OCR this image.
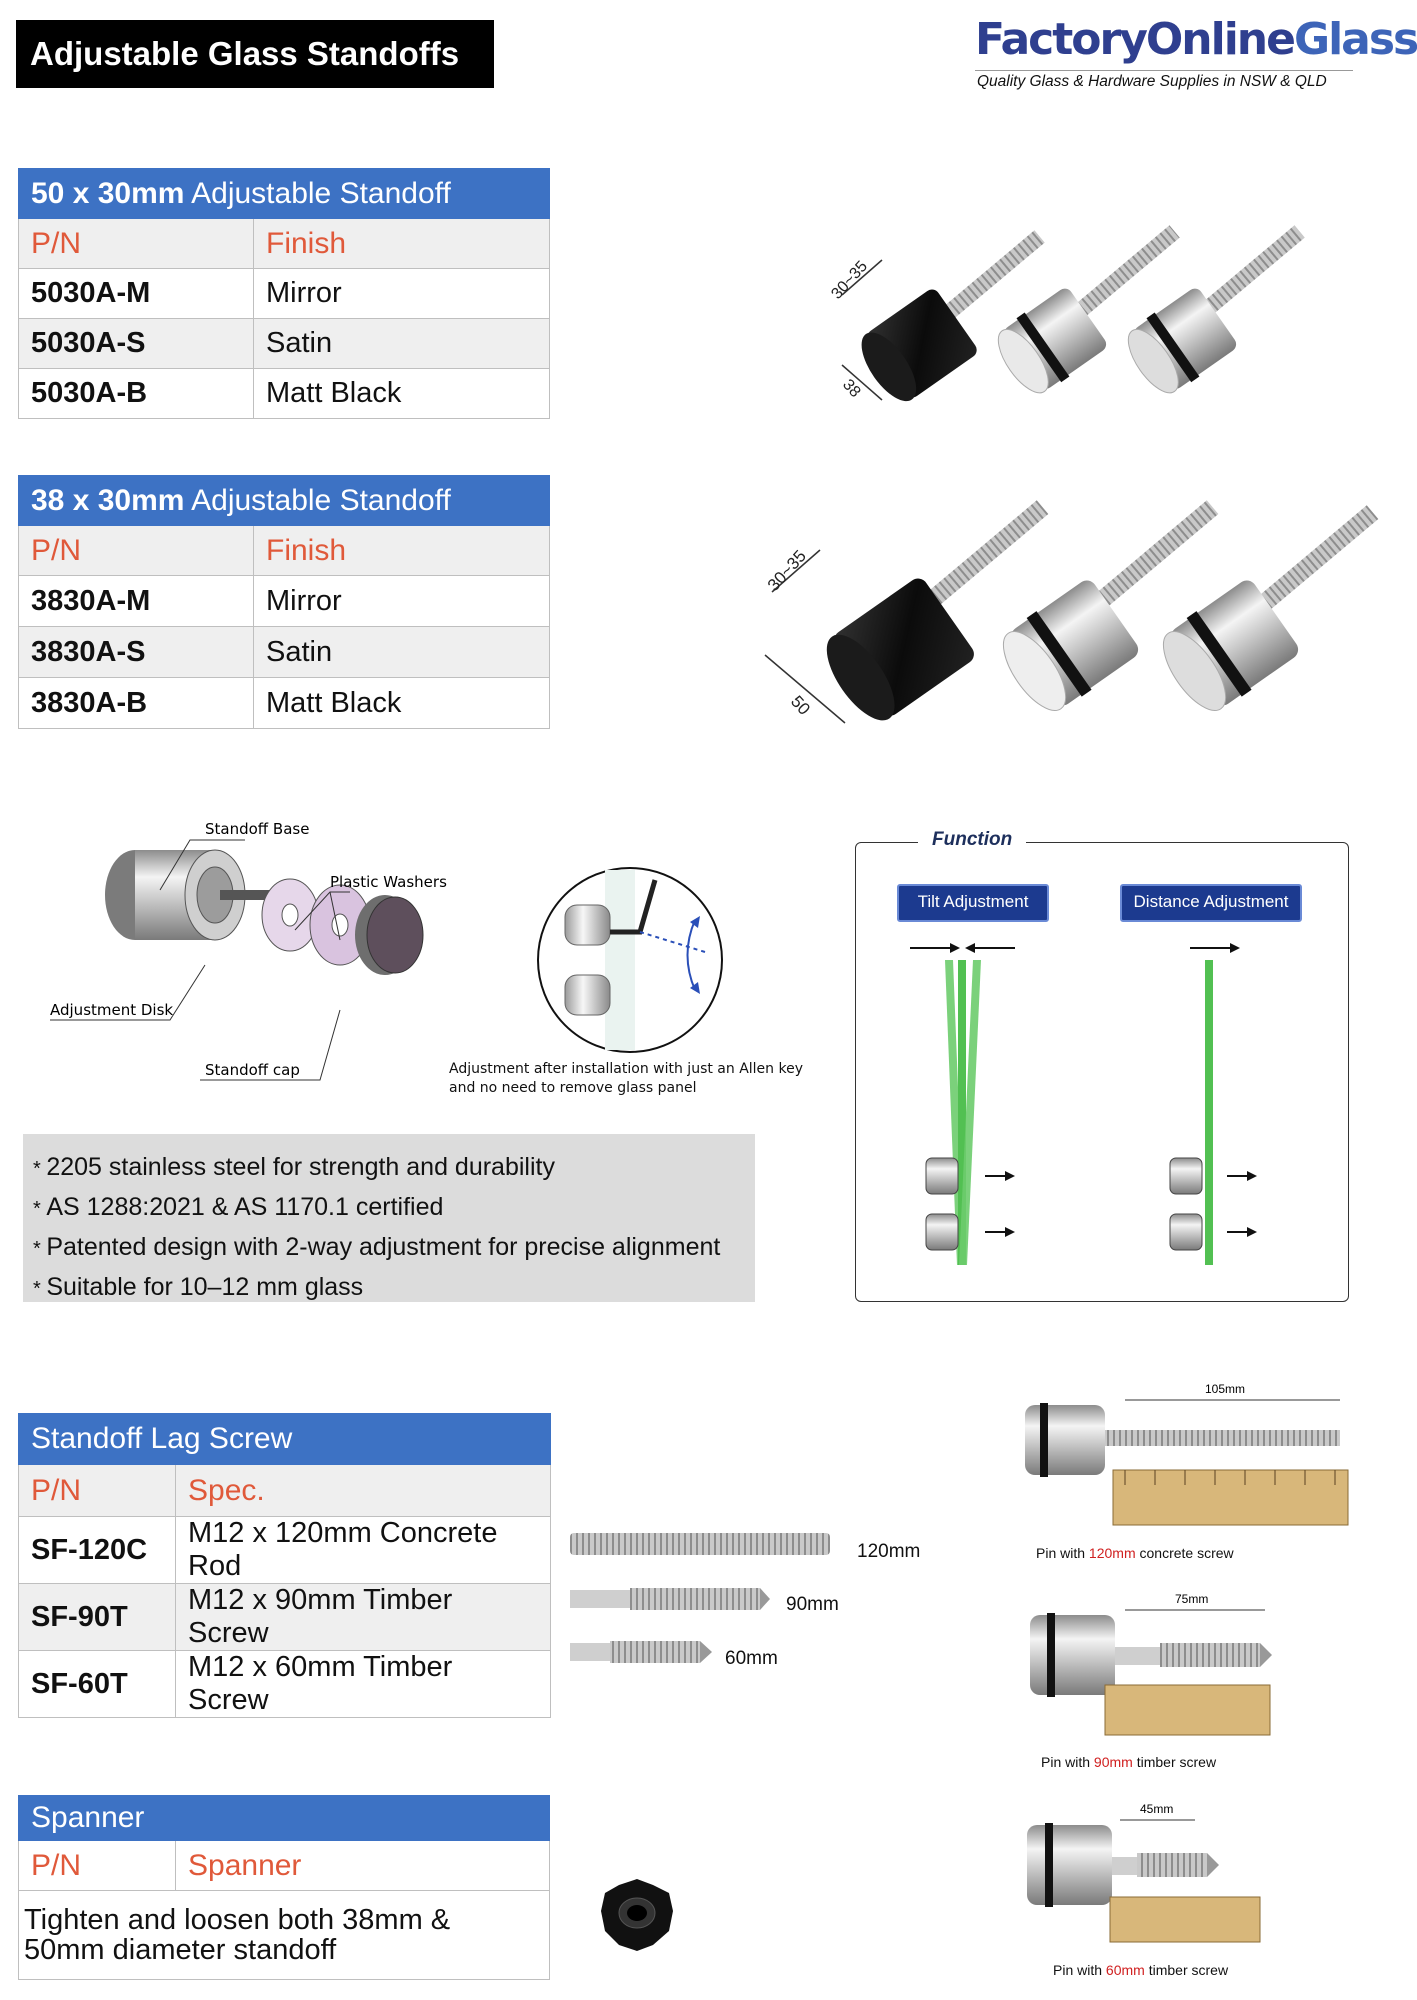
Adjustable Glass Standoffs	FactoryOnlineGlass
Quality Glass & Hardware Supplies in NSW & QLD
50 x 30mm Adjustable Standoff	
P/N	Finish
5030A-M	Mirror
5030A-S	Satin
5030A-B	Matt Black
30~35
38
38 x 30mm Adjustable Standoff	
P/N	Finish
3830A-M	Mirror
3830A-S	Satin
3830A-B	Matt Black
30~35
50
Standoff Base
Plastic Washers
Adjustment Disk
Standoff cap	Adjustment after installation with just an Allen key
and no need to remove glass panel
* 2205 stainless steel for strength and durability
* AS 1288:2021 & AS 1170.1 certified
* Patented design with 2-way adjustment for precise alignment
* Suitable for 10–12 mm glass
Function
Tilt Adjustment	Distance Adjustment
Standoff Lag Screw	
P/N	Spec.
SF-120C	M12 x 120mm Concrete Rod
SF-90T	M12 x 90mm Timber Screw
SF-60T	M12 x 60mm Timber Screw
120mm
90mm
60mm
105mm
Pin with 120mm concrete screw
75mm
Pin with 90mm timber screw
45mm
Pin with 60mm timber screw
Spanner
P/N	Spanner
Tighten and loosen both 38mm & 50mm diameter standoff
